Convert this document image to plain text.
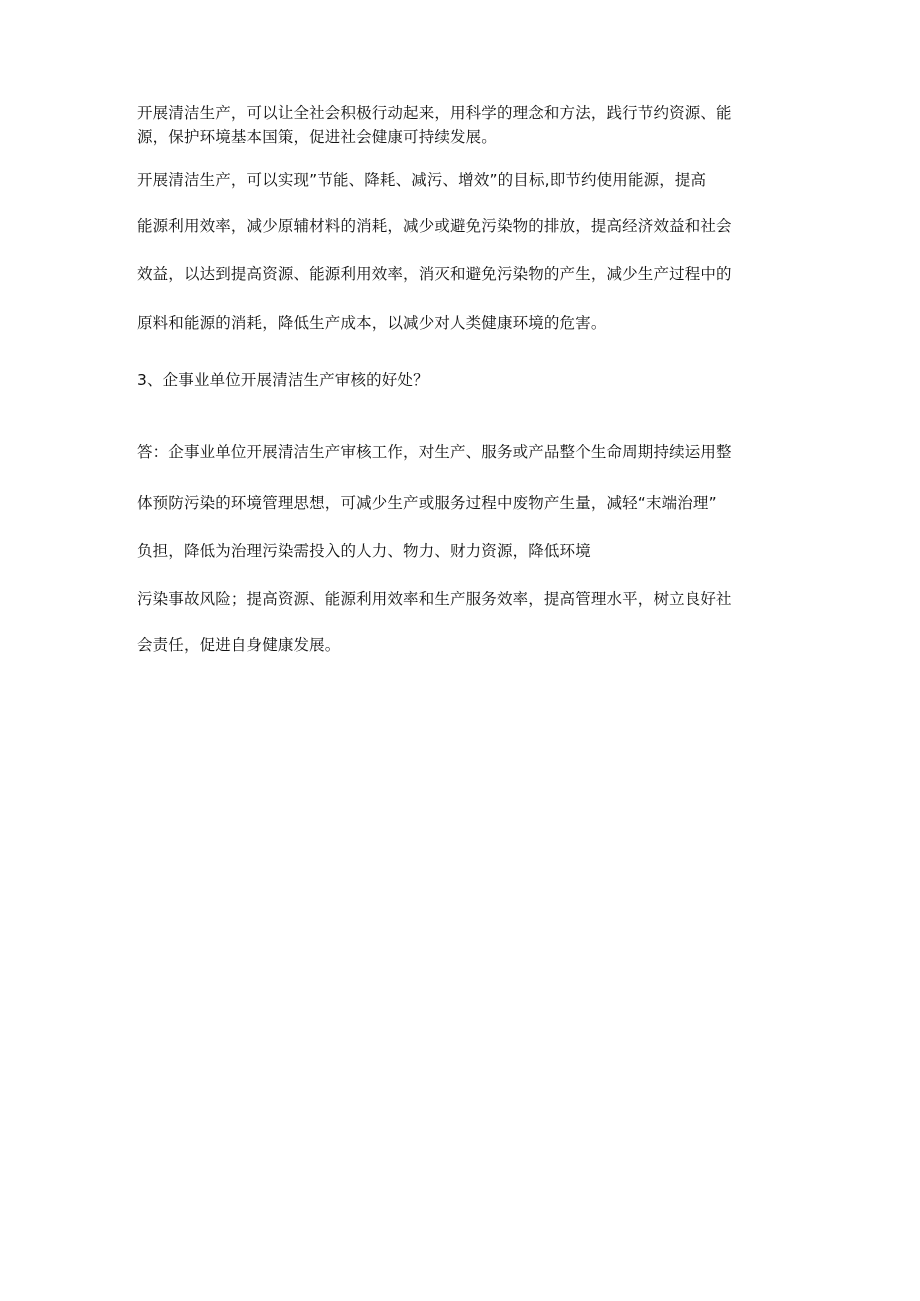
开展清洁生产，可以让全社会积极行动起来，用科学的理念和方法，践行节约资源、能
源，保护环境基本国策，促进社会健康可持续发展。
开展清洁生产，可以实现”节能、降耗、减污、增效”的目标,即节约使用能源，提高
能源利用效率，减少原辅材料的消耗，减少或避免污染物的排放，提高经济效益和社会
效益，以达到提高资源、能源利用效率，消灭和避免污染物的产生，减少生产过程中的
原料和能源的消耗，降低生产成本，以减少对人类健康环境的危害。
3、企事业单位开展清洁生产审核的好处？
答：企事业单位开展清洁生产审核工作，对生产、服务或产品整个生命周期持续运用整
体预防污染的环境管理思想，可减少生产或服务过程中废物产生量，减轻“末端治理”
负担，降低为治理污染需投入的人力、物力、财力资源，降低环境
污染事故风险；提高资源、能源利用效率和生产服务效率，提高管理水平，树立良好社
会责任，促进自身健康发展。
